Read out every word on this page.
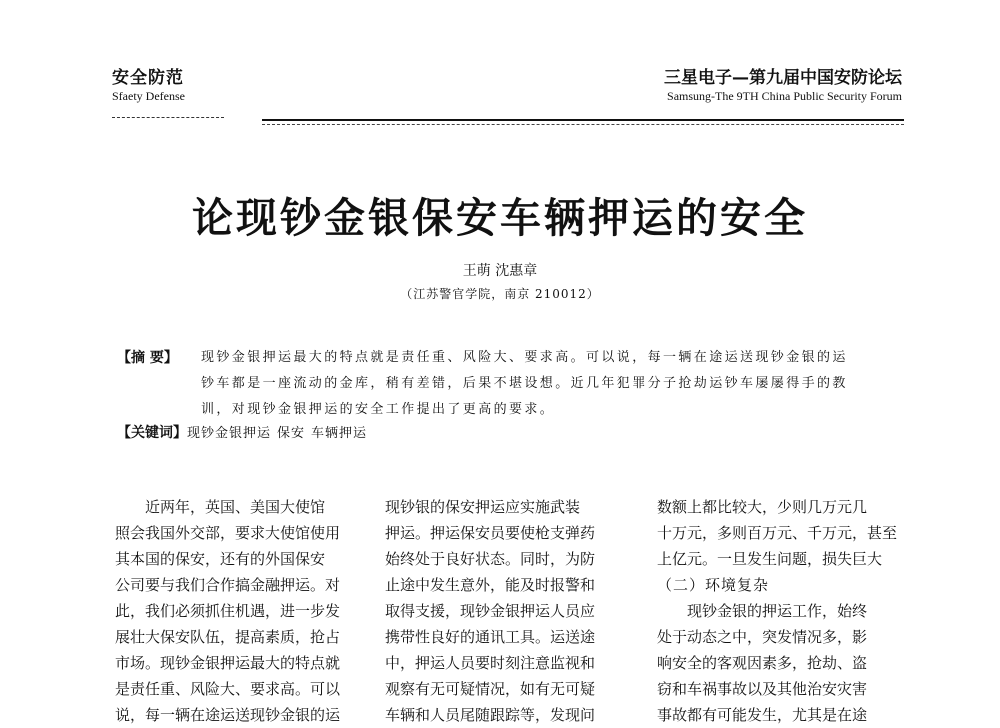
安全防范
Sfaety Defense
三星电子—第九届中国安防论坛
Samsung-The 9TH China Public Security Forum
论现钞金银保安车辆押运的安全
王萌 沈惠章
（江苏警官学院，南京 210012）
【摘 要】 现钞金银押运最大的特点就是责任重、风险大、要求高。可以说，每一辆在途运送现钞金银的运
钞车都是一座流动的金库，稍有差错，后果不堪设想。近几年犯罪分子抢劫运钞车屡屡得手的教
训，对现钞金银押运的安全工作提出了更高的要求。
【关键词】现钞金银押运 保安 车辆押运
　　近两年，英国、美国大使馆
照会我国外交部，要求大使馆使用
其本国的保安，还有的外国保安
公司要与我们合作搞金融押运。对
此，我们必须抓住机遇，进一步发
展壮大保安队伍，提高素质，抢占
市场。现钞金银押运最大的特点就
是责任重、风险大、要求高。可以
说，每一辆在途运送现钞金银的运
现钞银的保安押运应实施武装
押运。押运保安员要使枪支弹药
始终处于良好状态。同时，为防
止途中发生意外，能及时报警和
取得支援，现钞金银押运人员应
携带性良好的通讯工具。运送途
中，押运人员要时刻注意监视和
观察有无可疑情况，如有无可疑
车辆和人员尾随跟踪等，发现问
数额上都比较大，少则几万元几
十万元，多则百万元、千万元，甚至
上亿元。一旦发生问题，损失巨大
（二）环境复杂
　　现钞金银的押运工作，始终
处于动态之中，突发情况多，影
响安全的客观因素多，抢劫、盗
窃和车祸事故以及其他治安灾害
事故都有可能发生，尤其是在途
